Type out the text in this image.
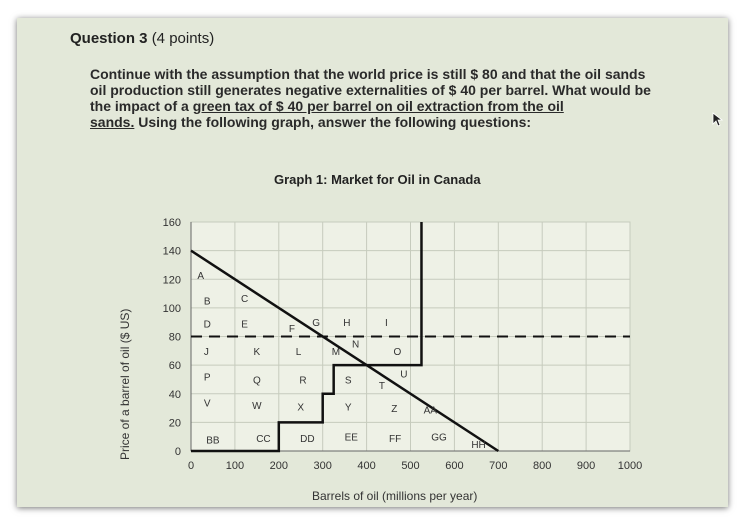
Question 3 (4 points)
Continue with the assumption that the world price is still $ 80 and that the oil sands
oil production still generates negative externalities of $ 40 per barrel. What would be
the impact of a green tax of $ 40 per barrel on oil extraction from the oil
sands. Using the following graph, answer the following questions:
Graph 1: Market for Oil in Canada
0	100 200 300 400 500 600 700 800 900 1000
0
20
40
60
80
100
120
140
160
A
B	C
D	E	F
G H	I
J	K	L	M
N
O
P	Q	R	S
T
U
V	W	X	Y	Z	AA
BB	CC	DD	EE	FF	GG
HH
Price of a barrel of oil ($ US)
Barrels of oil (millions per year)
